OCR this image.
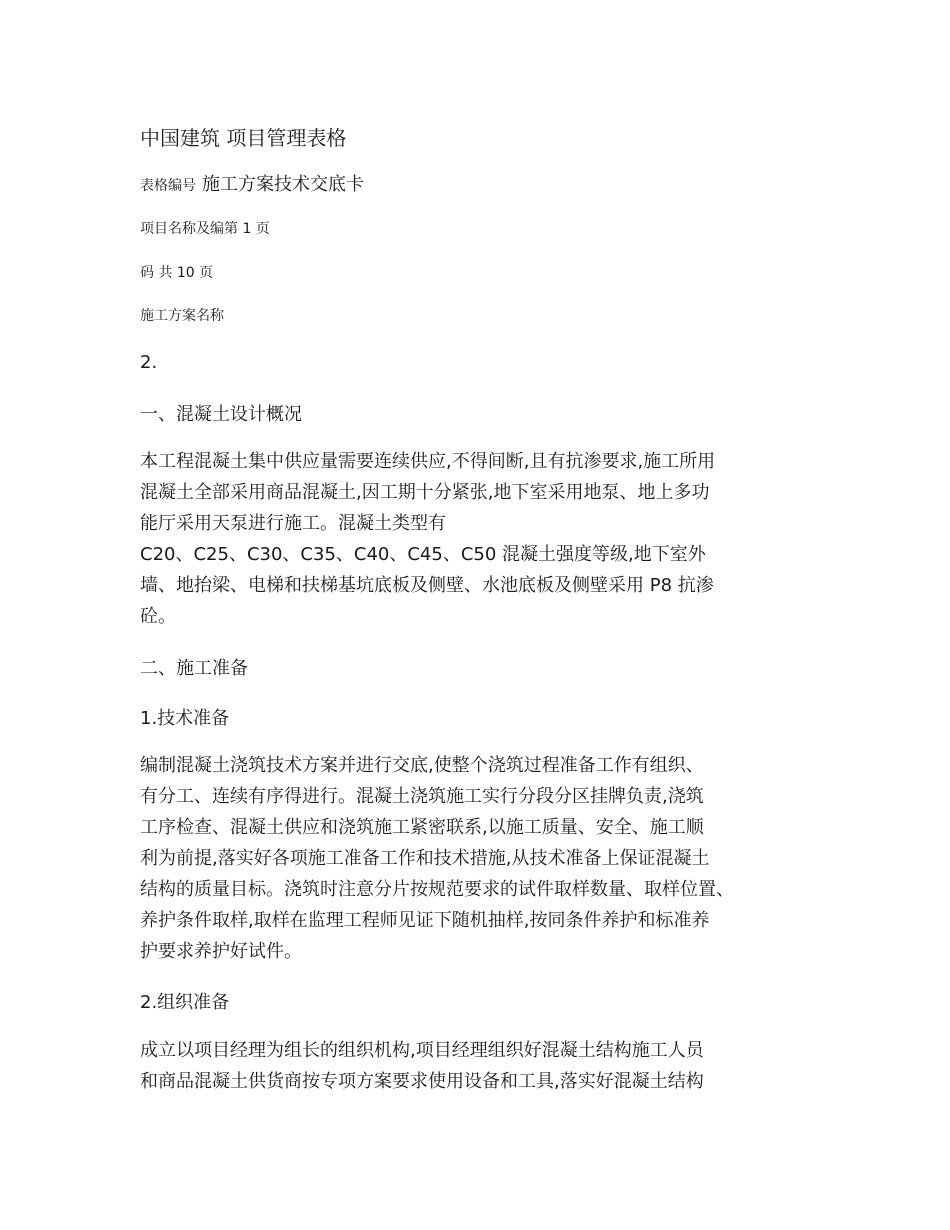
中国建筑 项目管理表格
表格编号 施工方案技术交底卡
项目名称及编第 1 页
码 共 10 页
施工方案名称
2.
一、混凝土设计概况
本工程混凝土集中供应量需要连续供应,不得间断,且有抗渗要求,施工所用
混凝土全部采用商品混凝土,因工期十分紧张,地下室采用地泵、地上多功
能厅采用天泵进行施工。混凝土类型有
C20、C25、C30、C35、C40、C45、C50 混凝土强度等级,地下室外
墙、地抬梁、电梯和扶梯基坑底板及侧壁、水池底板及侧壁采用 P8 抗渗
砼。
二、施工准备
1.技术准备
编制混凝土浇筑技术方案并进行交底,使整个浇筑过程准备工作有组织、
有分工、连续有序得进行。混凝土浇筑施工实行分段分区挂牌负责,浇筑
工序检查、混凝土供应和浇筑施工紧密联系,以施工质量、安全、施工顺
利为前提,落实好各项施工准备工作和技术措施,从技术准备上保证混凝土
结构的质量目标。浇筑时注意分片按规范要求的试件取样数量、取样位置、
养护条件取样,取样在监理工程师见证下随机抽样,按同条件养护和标准养
护要求养护好试件。
2.组织准备
成立以项目经理为组长的组织机构,项目经理组织好混凝土结构施工人员
和商品混凝土供货商按专项方案要求使用设备和工具,落实好混凝土结构
